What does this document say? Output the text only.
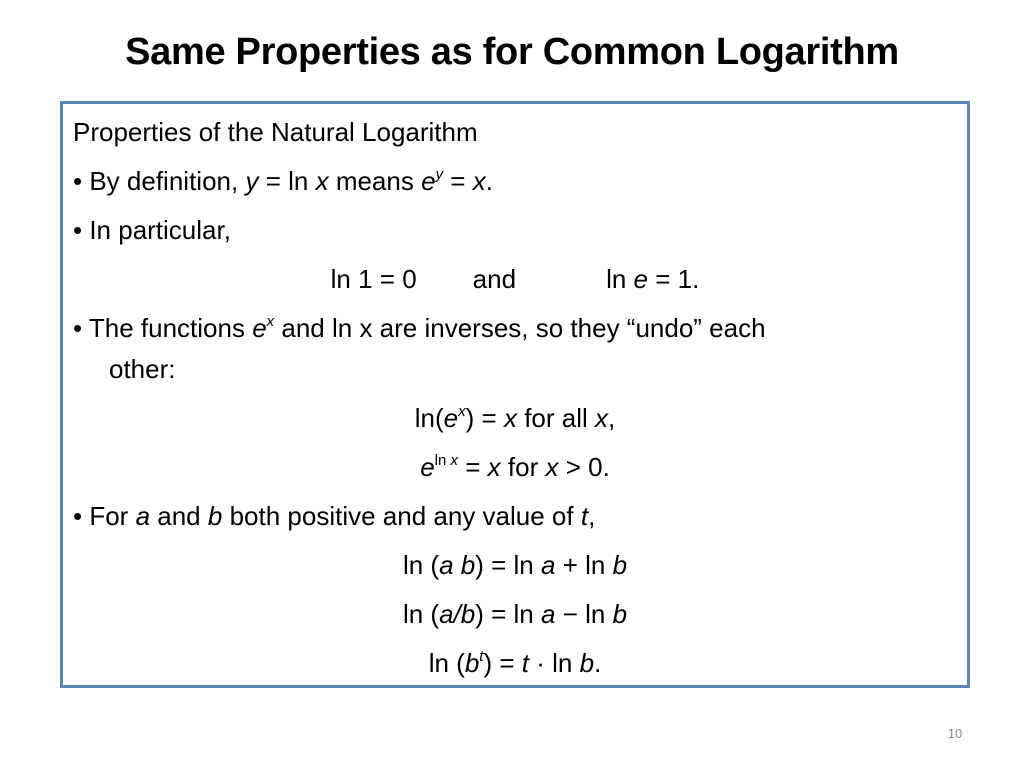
Same Properties as for Common Logarithm
Properties of the Natural Logarithm
• By definition, y = ln x means $e^y = x$.
• In particular,
ln 1 = 0 and	ln e = 1.
• The functions $e^x$ and ln x are inverses, so they “undo” each
other:
$\ln(e^x) = x$ for all x,
$e^{ln x} = x$ for x > 0.
• For a and b both positive and any value of t,
ln (a b) = ln a + ln b
ln (a/b) = ln a − ln b
$\ln (b^t) = t \cdot \ln b$.
10
